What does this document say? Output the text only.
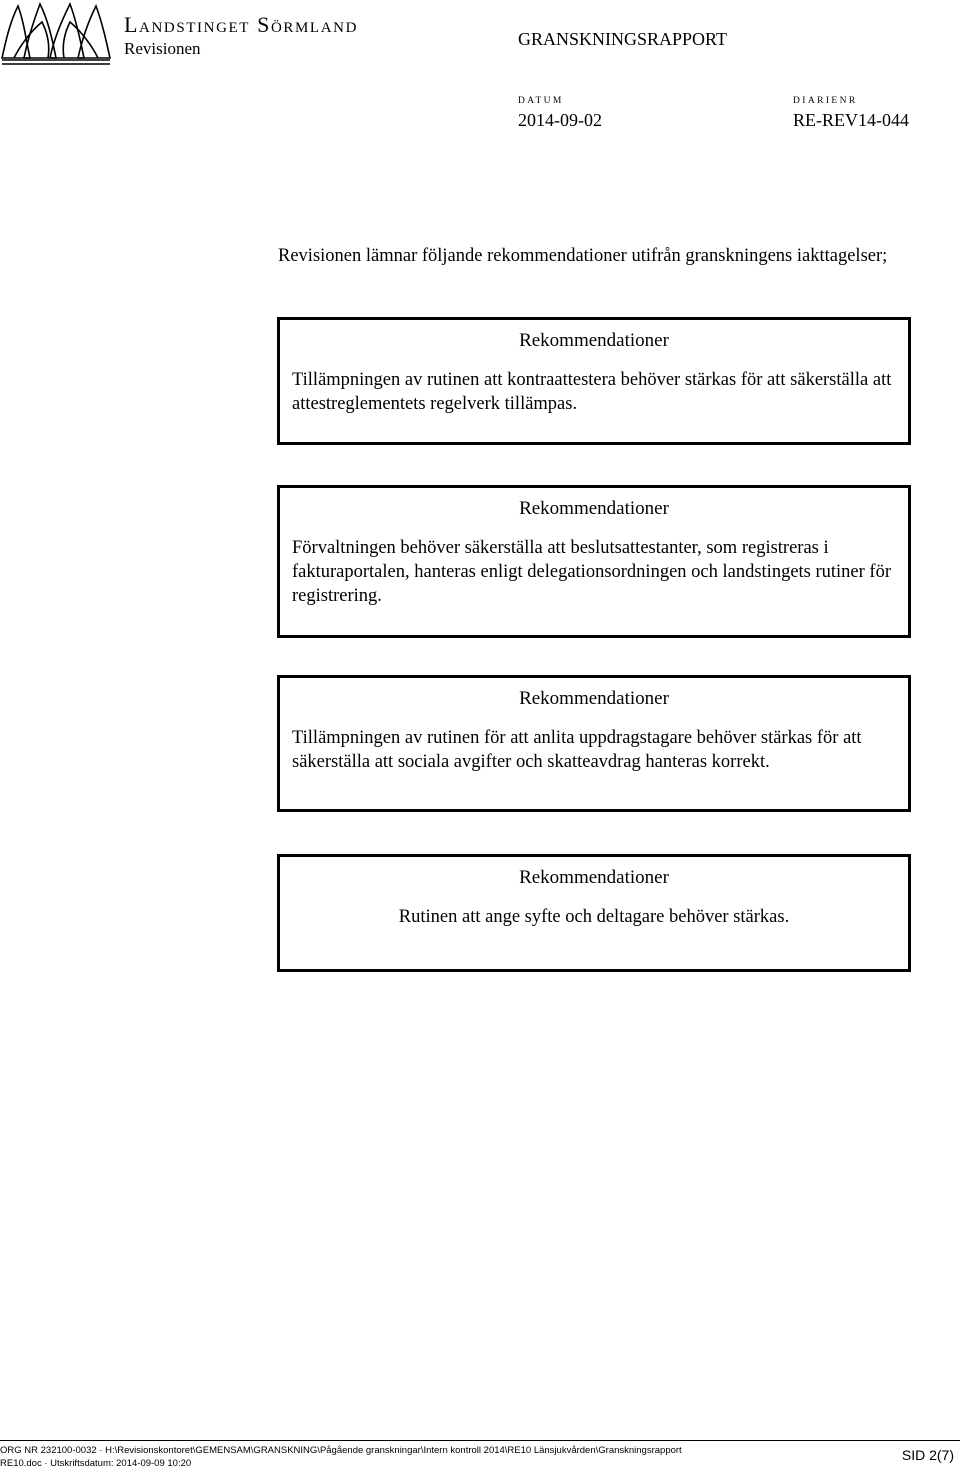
Landstinget Sörmland
Revisionen	GRANSKNINGSRAPPORT
DATUM
2014-09-02
DIARIENR
RE-REV14-044
Revisionen lämnar följande rekommendationer utifrån granskningens iakttagelser;
Rekommendationer
Tillämpningen av rutinen att kontraattestera behöver stärkas för att säkerställa att attestreglementets regelverk tillämpas.
Rekommendationer
Förvaltningen behöver säkerställa att beslutsattestanter, som registreras i fakturaportalen, hanteras enligt delegationsordningen och landstingets rutiner för registrering.
Rekommendationer
Tillämpningen av rutinen för att anlita uppdragstagare behöver stärkas för att säkerställa att sociala avgifter och skatteavdrag hanteras korrekt.
Rekommendationer
Rutinen att ange syfte och deltagare behöver stärkas.
ORG NR 232100-0032 · H:\Revisionskontoret\GEMENSAM\GRANSKNING\Pågående granskningar\Intern kontroll 2014\RE10 Länsjukvården\Granskningsrapport
RE10.doc · Utskriftsdatum: 2014-09-09 10:20
SID 2(7)
